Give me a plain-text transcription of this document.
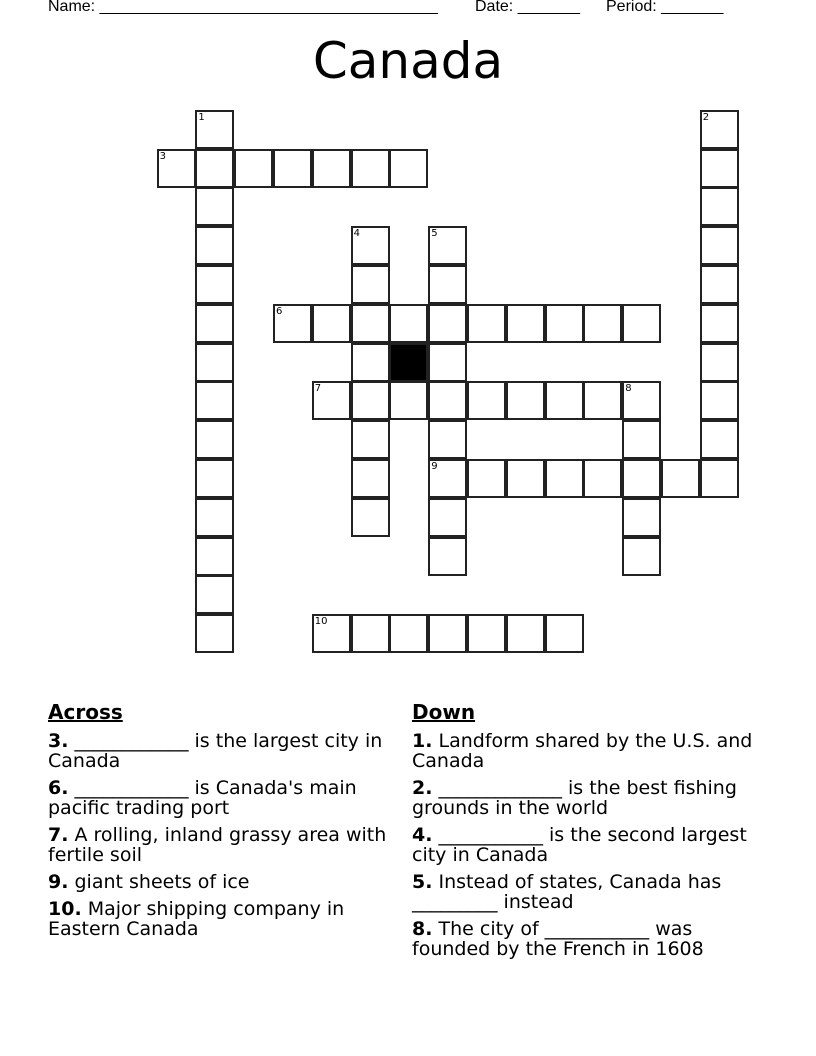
Name: ______________________________________ Date: _______ Period: _______
Canada
1
3
2
4	5
9
6
7	8
10
Across
3. ____________ is the largest city in Canada
6. ____________ is Canada's main pacific trading port
7. A rolling, inland grassy area with fertile soil
9. giant sheets of ice
10. Major shipping company in Eastern Canada
Down
1. Landform shared by the U.S. and Canada
2. _____________ is the best fishing grounds in the world
4. ___________ is the second largest city in Canada
5. Instead of states, Canada has _________ instead
8. The city of ___________ was founded by the French in 1608
